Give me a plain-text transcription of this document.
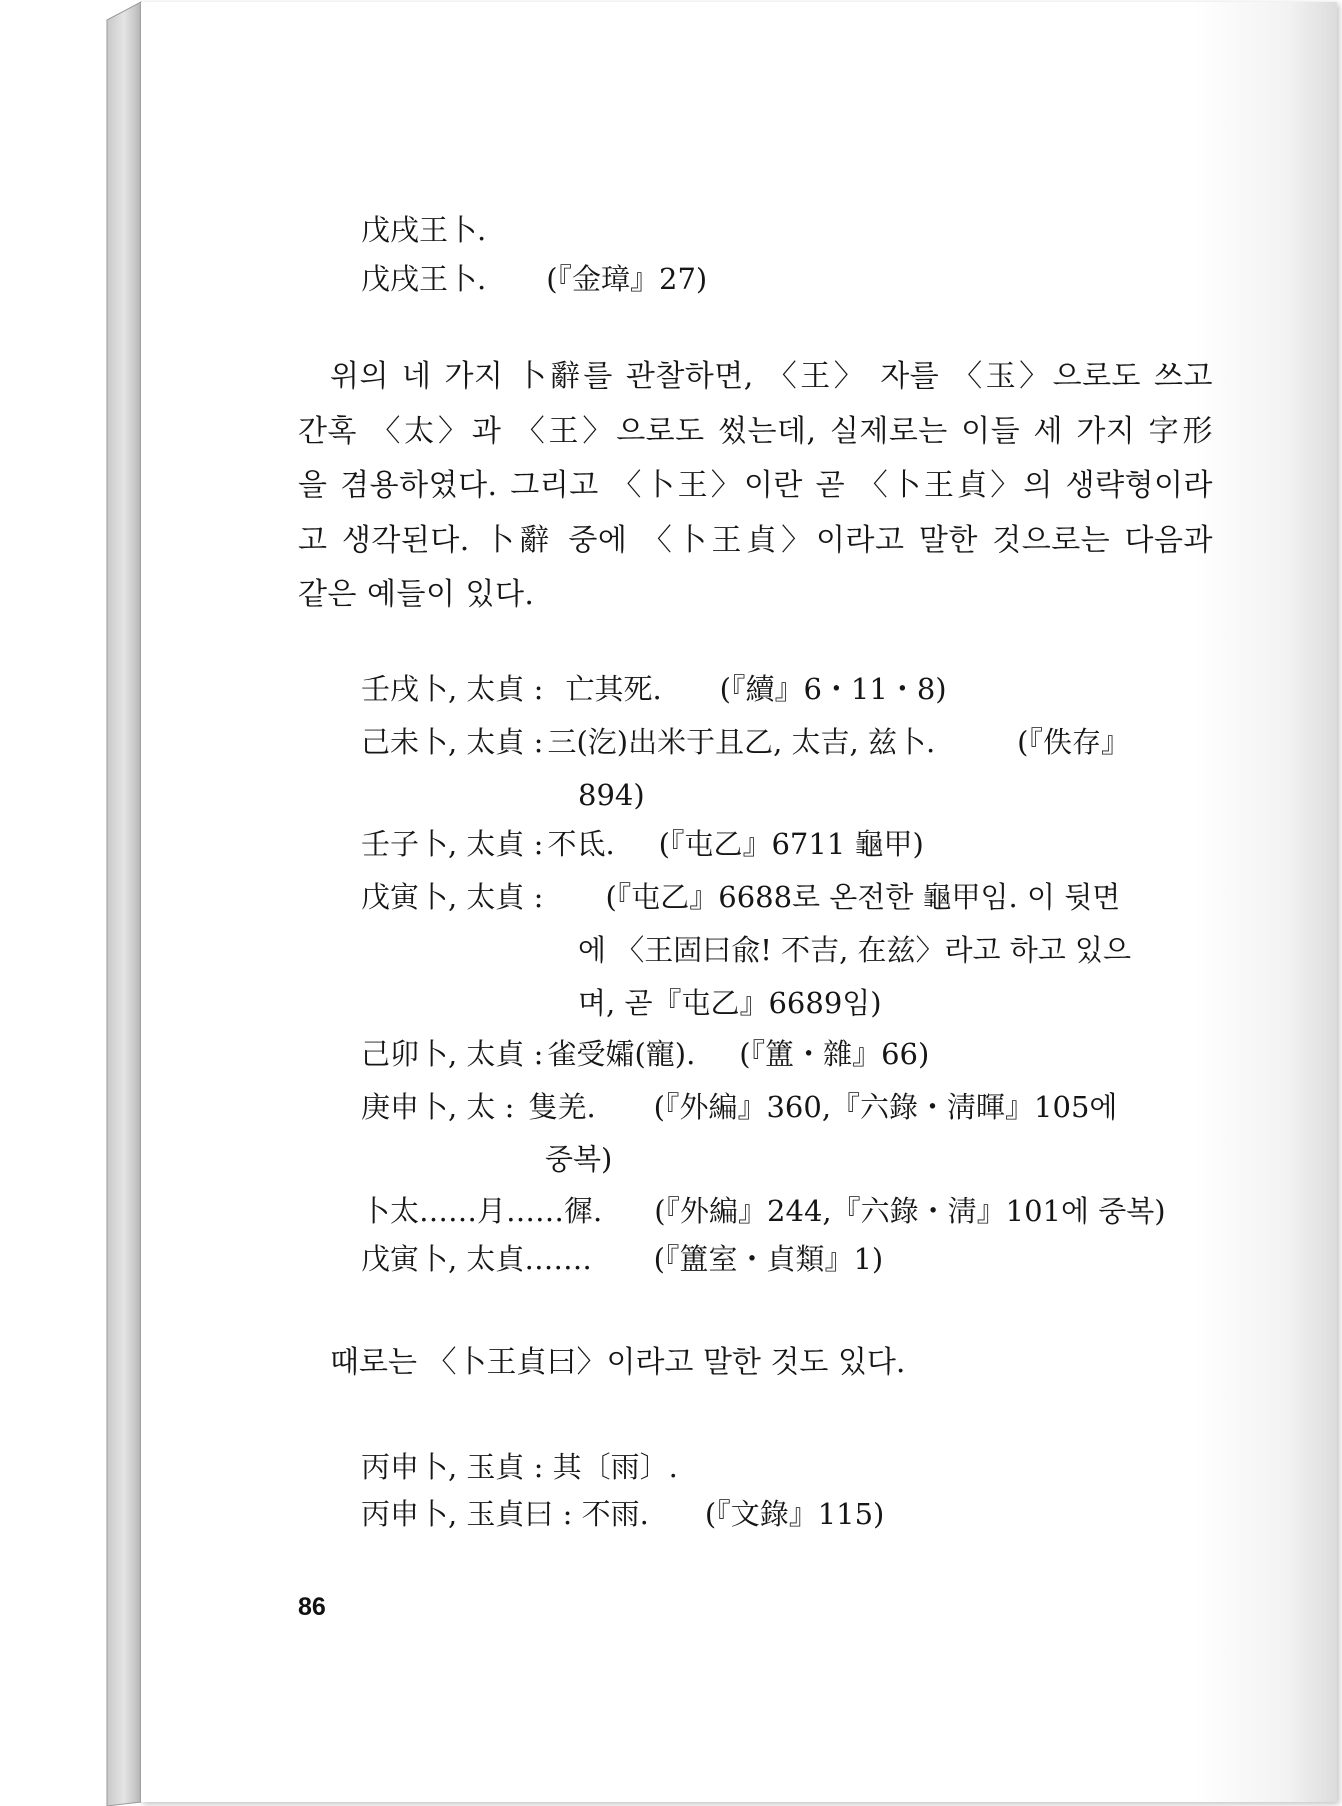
戊戌王卜.
戊戌王卜. (『金璋』27)
위의 네 가지 卜辭를 관찰하면, 〈王〉 자를 〈玉〉으로도 쓰고
간혹 〈太〉과 〈王〉으로도 썼는데, 실제로는 이들 세 가지 字形
을 겸용하였다. 그리고 〈卜王〉이란 곧 〈卜王貞〉의 생략형이라
고 생각된다. 卜辭 중에 〈卜王貞〉이라고 말한 것으로는 다음과
같은 예들이 있다.
壬戌卜, 太貞 : 亡其死. (『續』6・11・8)
己未卜, 太貞 : 三(汔)出米于且乙, 太吉, 兹卜.	(『佚存』
894)
壬子卜, 太貞 : 不氐. (『屯乙』6711 龜甲)
戊寅卜, 太貞 : (『屯乙』6688로 온전한 龜甲임. 이 뒷면
에 〈王固曰兪! 不吉, 在兹〉라고 하고 있으
며, 곧『屯乙』6689임)
己卯卜, 太貞 : 雀受孀(寵). (『簠・雜』66)
庚申卜, 太 : 隻羌. (『外編』360,『六錄・淸暉』105에
중복)
卜太……月……徲. (『外編』244,『六錄・淸』101에 중복)
戊寅卜, 太貞……. (『簠室・貞類』1)
때로는 〈卜王貞曰〉이라고 말한 것도 있다.
丙申卜, 玉貞 : 其〔雨〕.
丙申卜, 玉貞曰 : 不雨. (『文錄』115)
86
